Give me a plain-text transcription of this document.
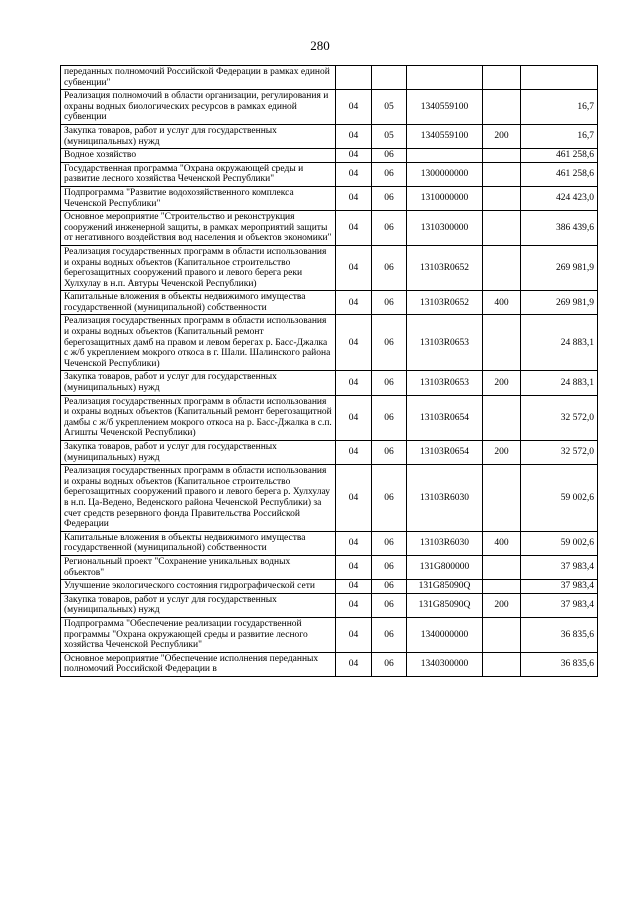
280
переданных полномочий Российской Федерации в рамках единой субвенции"					
Реализация полномочий в области организации, регулирования и охраны водных биологических ресурсов в рамках единой субвенции	04	05	1340559100		16,7
Закупка товаров, работ и услуг для государственных (муниципальных) нужд	04	05	1340559100	200	16,7
Водное хозяйство	04	06			461 258,6
Государственная программа "Охрана окружающей среды и развитие лесного хозяйства Чеченской Республики"	04	06	1300000000		461 258,6
Подпрограмма "Развитие водохозяйственного комплекса Чеченской Республики"	04	06	1310000000		424 423,0
Основное мероприятие "Строительство и реконструкция сооружений инженерной защиты, в рамках мероприятий защиты от негативного воздействия вод населения и объектов экономики"	04	06	1310300000		386 439,6
Реализация государственных программ в области использования и охраны водных объектов (Капитальное строительство берегозащитных сооружений правого и левого берега реки Хулхулау в н.п. Автуры Чеченской Республики)	04	06	13103R0652		269 981,9
Капитальные вложения в объекты недвижимого имущества государственной (муниципальной) собственности	04	06	13103R0652	400	269 981,9
Реализация государственных программ в области использования и охраны водных объектов (Капитальный ремонт берегозащитных дамб на правом и левом берегах р. Басс-Джалка с ж/б укреплением мокрого откоса в г. Шали. Шалинского района Чеченской Республики)	04	06	13103R0653		24 883,1
Закупка товаров, работ и услуг для государственных (муниципальных) нужд	04	06	13103R0653	200	24 883,1
Реализация государственных программ в области использования и охраны водных объектов (Капитальный ремонт берегозащитной дамбы с ж/б укреплением мокрого откоса на р. Басс-Джалка в с.п. Агишты Чеченской Республики)	04	06	13103R0654		32 572,0
Закупка товаров, работ и услуг для государственных (муниципальных) нужд	04	06	13103R0654	200	32 572,0
Реализация государственных программ в области использования и охраны водных объектов (Капитальное строительство берегозащитных сооружений правого и левого берега р. Хулхулау в н.п. Ца-Ведено, Веденского района Чеченской Республики) за счет средств резервного фонда Правительства Российской Федерации	04	06	13103R6030		59 002,6
Капитальные вложения в объекты недвижимого имущества государственной (муниципальной) собственности	04	06	13103R6030	400	59 002,6
Региональный проект "Сохранение уникальных водных объектов"	04	06	131G800000		37 983,4
Улучшение экологического состояния гидрографической сети	04	06	131G85090Q		37 983,4
Закупка товаров, работ и услуг для государственных (муниципальных) нужд	04	06	131G85090Q	200	37 983,4
Подпрограмма "Обеспечение реализации государственной программы "Охрана окружающей среды и развитие лесного хозяйства Чеченской Республики"	04	06	1340000000		36 835,6
Основное мероприятие "Обеспечение исполнения переданных полномочий Российской Федерации в	04	06	1340300000		36 835,6
